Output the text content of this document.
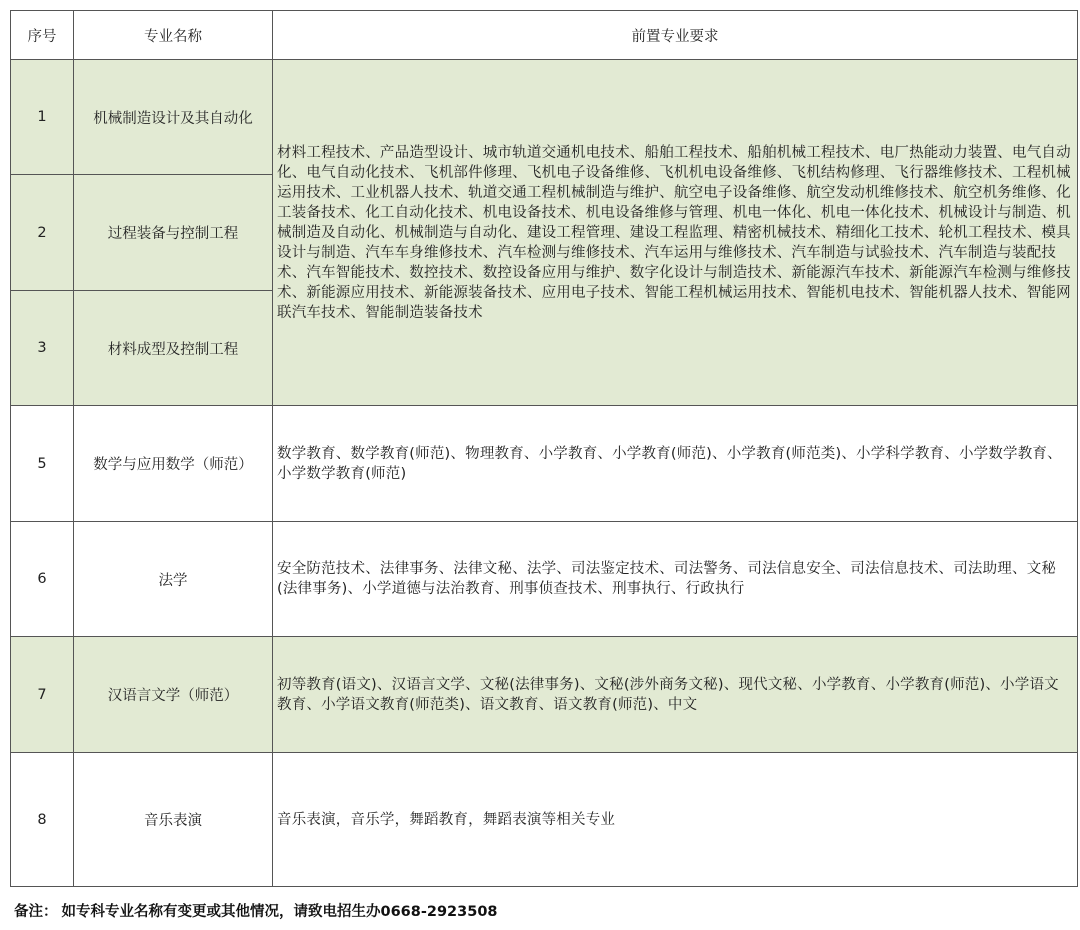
序号	专业名称	前置专业要求
1	机械制造设计及其自动化	材料工程技术、产品造型设计、城市轨道交通机电技术、船舶工程技术、船舶机械工程技术、电厂热能动力装置、电气自动化、电气自动化技术、飞机部件修理、飞机电子设备维修、飞机机电设备维修、飞机结构修理、飞行器维修技术、工程机械运用技术、工业机器人技术、轨道交通工程机械制造与维护、航空电子设备维修、航空发动机维修技术、航空机务维修、化工装备技术、化工自动化技术、机电设备技术、机电设备维修与管理、机电一体化、机电一体化技术、机械设计与制造、机械制造及自动化、机械制造与自动化、建设工程管理、建设工程监理、精密机械技术、精细化工技术、轮机工程技术、模具设计与制造、汽车车身维修技术、汽车检测与维修技术、汽车运用与维修技术、汽车制造与试验技术、汽车制造与装配技术、汽车智能技术、数控技术、数控设备应用与维护、数字化设计与制造技术、新能源汽车技术、新能源汽车检测与维修技术、新能源应用技术、新能源装备技术、应用电子技术、智能工程机械运用技术、智能机电技术、智能机器人技术、智能网联汽车技术、智能制造装备技术
2	过程装备与控制工程	
3	材料成型及控制工程	
5	数学与应用数学（师范）	数学教育、数学教育(师范)、物理教育、小学教育、小学教育(师范)、小学教育(师范类)、小学科学教育、小学数学教育、小学数学教育(师范)
6	法学	安全防范技术、法律事务、法律文秘、法学、司法鉴定技术、司法警务、司法信息安全、司法信息技术、司法助理、文秘(法律事务)、小学道德与法治教育、刑事侦查技术、刑事执行、行政执行
7	汉语言文学（师范）	初等教育(语文)、汉语言文学、文秘(法律事务)、文秘(涉外商务文秘)、现代文秘、小学教育、小学教育(师范)、小学语文教育、小学语文教育(师范类)、语文教育、语文教育(师范)、中文
8	音乐表演	音乐表演，音乐学，舞蹈教育，舞蹈表演等相关专业
备注： 如专科专业名称有变更或其他情况，请致电招生办0668-2923508
